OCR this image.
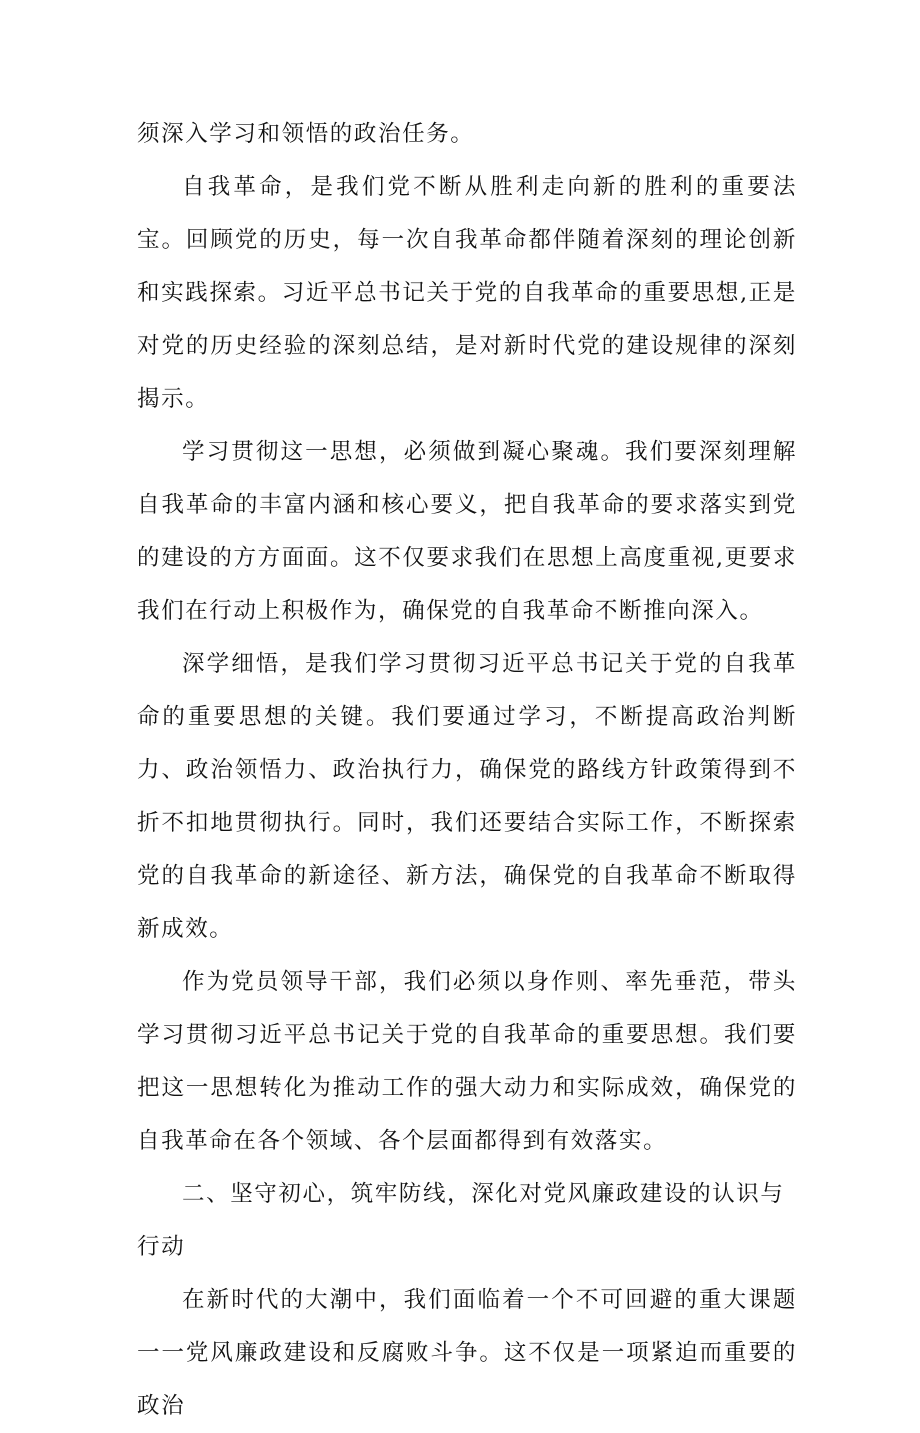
须深入学习和领悟的政治任务。

自我革命，是我们党不断从胜利走向新的胜利的重要法宝。回顾党的历史，每一次自我革命都伴随着深刻的理论创新和实践探索。习近平总书记关于党的自我革命的重要思想,正是对党的历史经验的深刻总结，是对新时代党的建设规律的深刻揭示。

学习贯彻这一思想，必须做到凝心聚魂。我们要深刻理解自我革命的丰富内涵和核心要义，把自我革命的要求落实到党的建设的方方面面。这不仅要求我们在思想上高度重视,更要求我们在行动上积极作为，确保党的自我革命不断推向深入。

深学细悟，是我们学习贯彻习近平总书记关于党的自我革命的重要思想的关键。我们要通过学习，不断提高政治判断力、政治领悟力、政治执行力，确保党的路线方针政策得到不折不扣地贯彻执行。同时，我们还要结合实际工作，不断探索党的自我革命的新途径、新方法，确保党的自我革命不断取得新成效。

作为党员领导干部，我们必须以身作则、率先垂范，带头学习贯彻习近平总书记关于党的自我革命的重要思想。我们要把这一思想转化为推动工作的强大动力和实际成效，确保党的自我革命在各个领域、各个层面都得到有效落实。

二、坚守初心，筑牢防线，深化对党风廉政建设的认识与行动

在新时代的大潮中，我们面临着一个不可回避的重大课题一一党风廉政建设和反腐败斗争。这不仅是一项紧迫而重要的政治
